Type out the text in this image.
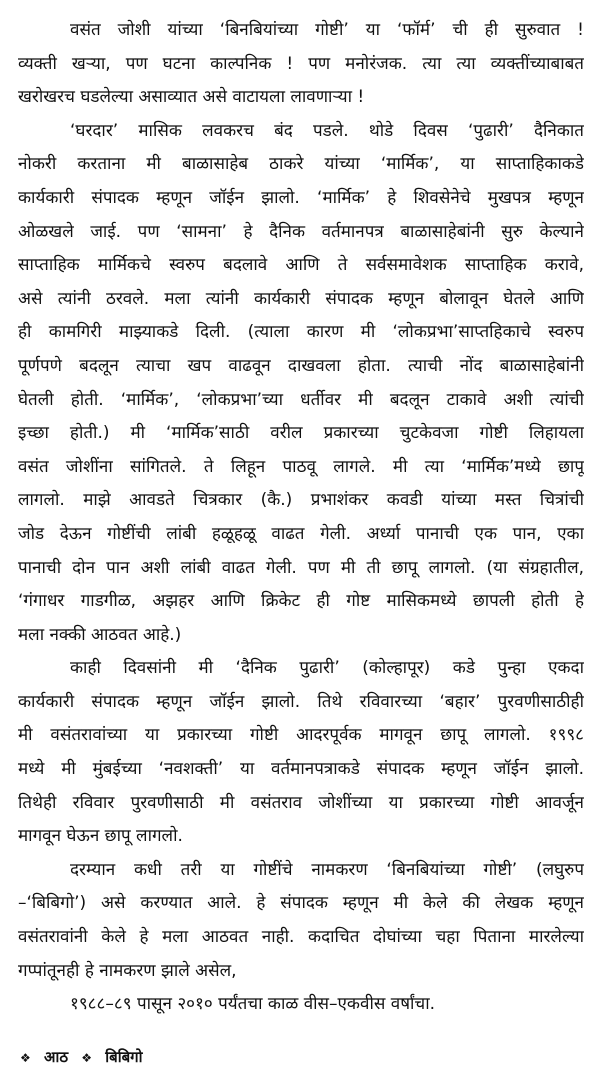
वसंत जोशी यांच्या ‘बिनबियांच्या गोष्टी’ या ‘फॉर्म’ ची ही सुरुवात !
व्यक्ती खऱ्या, पण घटना काल्पनिक ! पण मनोरंजक. त्या त्या व्यक्तींच्याबाबत
खरोखरच घडलेल्या असाव्यात असे वाटायला लावणाऱ्या !
‘घरदार’ मासिक लवकरच बंद पडले. थोडे दिवस ‘पुढारी’ दैनिकात
नोकरी करताना मी बाळासाहेब ठाकरे यांच्या ‘मार्मिक’, या साप्ताहिकाकडे
कार्यकारी संपादक म्हणून जॉईन झालो. ‘मार्मिक’ हे शिवसेनेचे मुखपत्र म्हणून
ओळखले जाई. पण ‘सामना’ हे दैनिक वर्तमानपत्र बाळासाहेबांनी सुरु केल्याने
साप्ताहिक मार्मिकचे स्वरुप बदलावे आणि ते सर्वसमावेशक साप्ताहिक करावे,
असे त्यांनी ठरवले. मला त्यांनी कार्यकारी संपादक म्हणून बोलावून घेतले आणि
ही कामगिरी माझ्याकडे दिली. (त्याला कारण मी ‘लोकप्रभा’साप्तहिकाचे स्वरुप
पूर्णपणे बदलून त्याचा खप वाढवून दाखवला होता. त्याची नोंद बाळासाहेबांनी
घेतली होती. ‘मार्मिक’, ‘लोकप्रभा’च्या धर्तीवर मी बदलून टाकावे अशी त्यांची
इच्छा होती.) मी ‘मार्मिक’साठी वरील प्रकारच्या चुटकेवजा गोष्टी लिहायला
वसंत जोशींना सांगितले. ते लिहून पाठवू लागले. मी त्या ‘मार्मिक’मध्ये छापू
लागलो. माझे आवडते चित्रकार (कै.) प्रभाशंकर कवडी यांच्या मस्त चित्रांची
जोड देऊन गोष्टींची लांबी हळूहळू वाढत गेली. अर्ध्या पानाची एक पान, एका
पानाची दोन पान अशी लांबी वाढत गेली. पण मी ती छापू लागलो. (या संग्रहातील,
‘गंगाधर गाडगीळ, अझहर आणि क्रिकेट ही गोष्ट मासिकमध्ये छापली होती हे
मला नक्की आठवत आहे.)
काही दिवसांनी मी ‘दैनिक पुढारी’ (कोल्हापूर) कडे पुन्हा एकदा
कार्यकारी संपादक म्हणून जॉईन झालो. तिथे रविवारच्या ‘बहार’ पुरवणीसाठीही
मी वसंतरावांच्या या प्रकारच्या गोष्टी आदरपूर्वक मागवून छापू लागलो. १९९८
मध्ये मी मुंबईच्या ‘नवशक्ती’ या वर्तमानपत्राकडे संपादक म्हणून जॉईन झालो.
तिथेही रविवार पुरवणीसाठी मी वसंतराव जोशींच्या या प्रकारच्या गोष्टी आवर्जून
मागवून घेऊन छापू लागलो.
दरम्यान कधी तरी या गोष्टींचे नामकरण ‘बिनबियांच्या गोष्टी’ (लघुरुप
–‘बिबिगो’) असे करण्यात आले. हे संपादक म्हणून मी केले की लेखक म्हणून
वसंतरावांनी केले हे मला आठवत नाही. कदाचित दोघांच्या चहा पिताना मारलेल्या
गप्पांतूनही हे नामकरण झाले असेल,
१९८८–८९ पासून २०१० पर्यंतचा काळ वीस–एकवीस वर्षांचा.
❖ आठ ❖ बिबिगो
